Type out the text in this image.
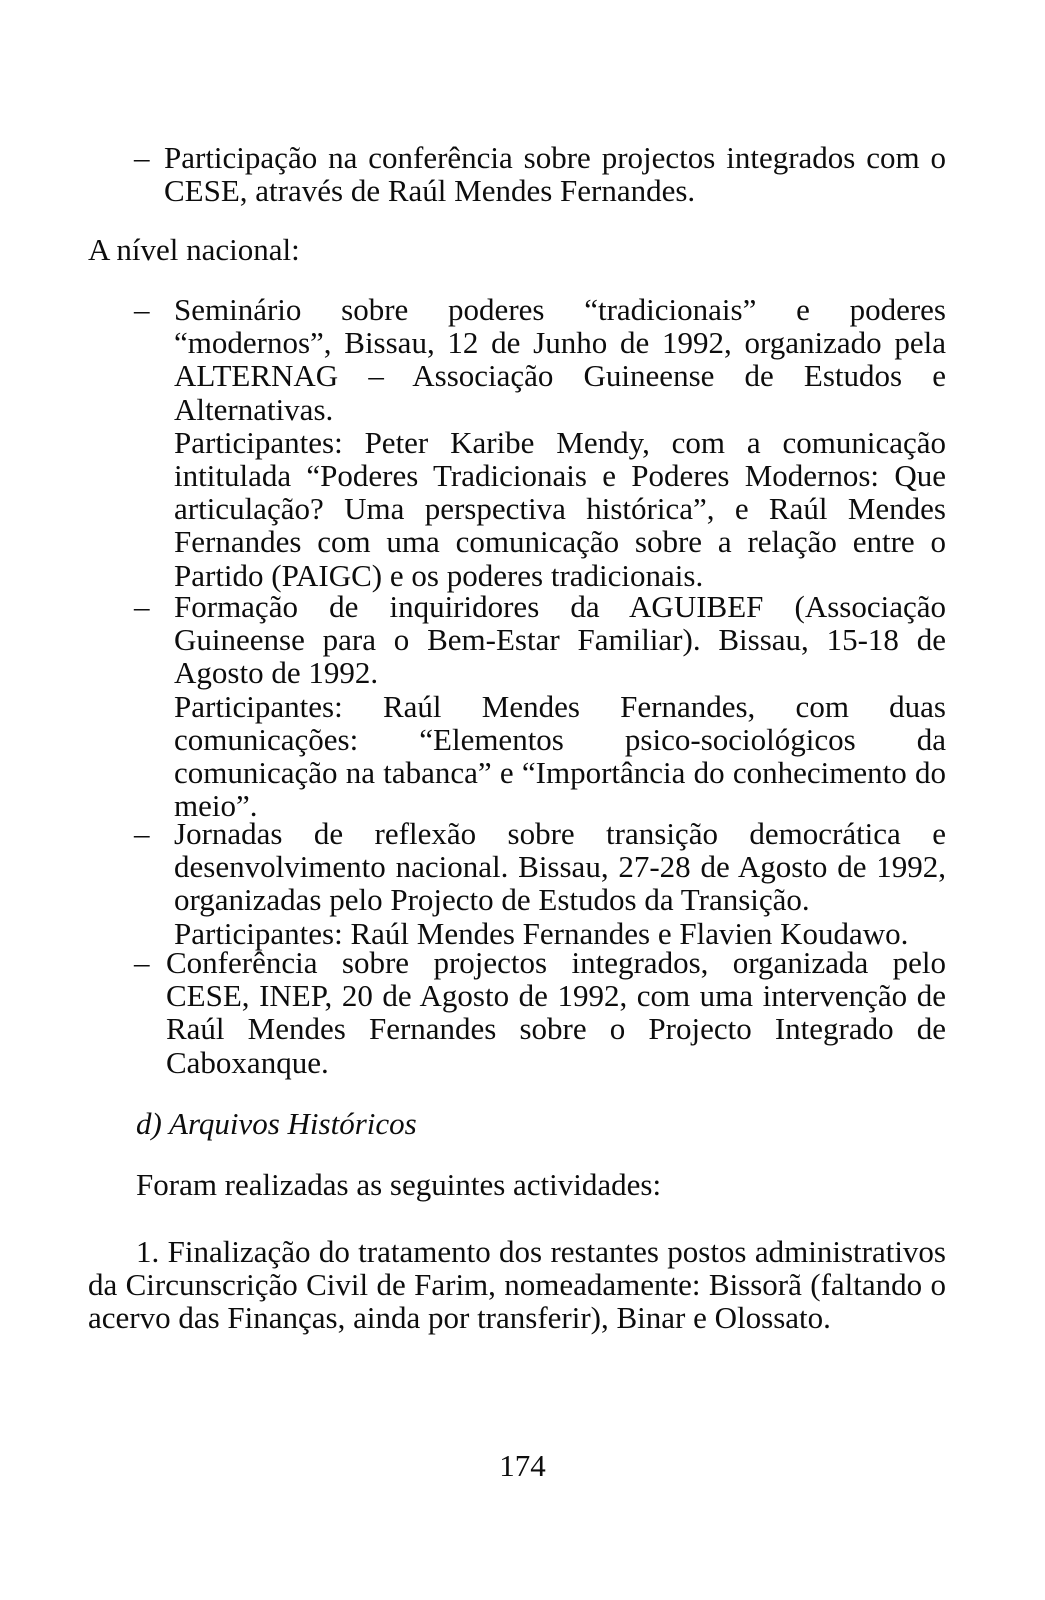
– Participação na conferência sobre projectos integrados com o CESE, através de Raúl Mendes Fernandes.

A nível nacional:

– Seminário sobre poderes “tradicionais” e poderes “modernos”, Bissau, 12 de Junho de 1992, organizado pela ALTERNAG – Associação Guineense de Estudos e Alternativas.

Participantes: Peter Karibe Mendy, com a comunicação intitulada “Poderes Tradicionais e Poderes Modernos: Que articulação? Uma perspectiva histórica”, e Raúl Mendes Fernandes com uma comunicação sobre a relação entre o Partido (PAIGC) e os poderes tradicionais.

– Formação de inquiridores da AGUIBEF (Associação Guineense para o Bem-Estar Familiar). Bissau, 15-18 de Agosto de 1992.

Participantes: Raúl Mendes Fernandes, com duas comunicações: “Elementos psico-sociológicos da comunicação na tabanca” e “Importância do conhecimento do meio”.

– Jornadas de reflexão sobre transição democrática e desenvolvimento nacional. Bissau, 27-28 de Agosto de 1992, organizadas pelo Projecto de Estudos da Transição.

Participantes: Raúl Mendes Fernandes e Flavien Koudawo.

– Conferência sobre projectos integrados, organizada pelo CESE, INEP, 20 de Agosto de 1992, com uma intervenção de Raúl Mendes Fernandes sobre o Projecto Integrado de Caboxanque.

d) Arquivos Históricos

Foram realizadas as seguintes actividades:

1. Finalização do tratamento dos restantes postos administrativos da Circunscrição Civil de Farim, nomeadamente: Bissorã (faltando o acervo das Finanças, ainda por transferir), Binar e Olossato.

174
